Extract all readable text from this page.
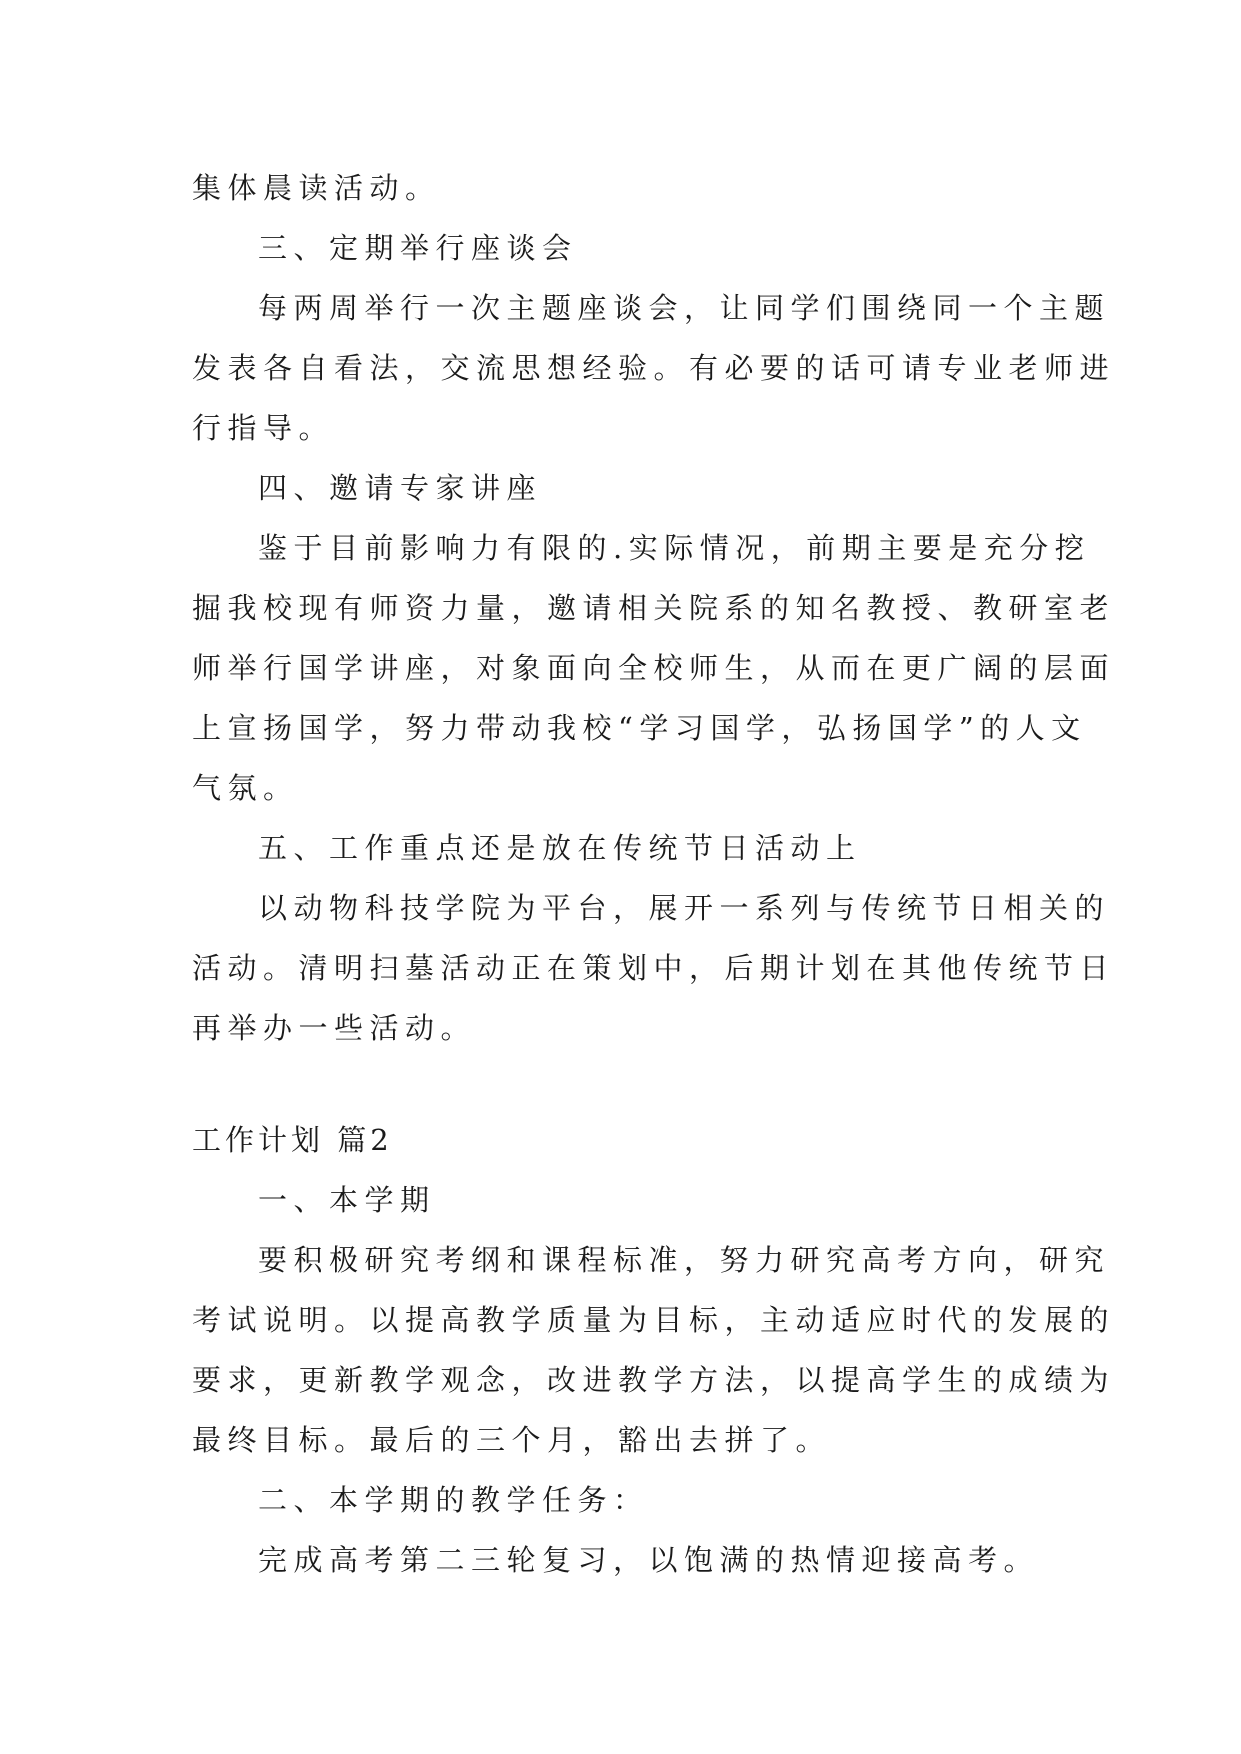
集体晨读活动。
三、定期举行座谈会
每两周举行一次主题座谈会，让同学们围绕同一个主题
发表各自看法，交流思想经验。有必要的话可请专业老师进
行指导。
四、邀请专家讲座
鉴于目前影响力有限的.实际情况，前期主要是充分挖
掘我校现有师资力量，邀请相关院系的知名教授、教研室老
师举行国学讲座，对象面向全校师生，从而在更广阔的层面
上宣扬国学，努力带动我校“学习国学，弘扬国学”的人文
气氛。
五、工作重点还是放在传统节日活动上
以动物科技学院为平台，展开一系列与传统节日相关的
活动。清明扫墓活动正在策划中，后期计划在其他传统节日
再举办一些活动。
工作计划 篇2
一、本学期
要积极研究考纲和课程标准，努力研究高考方向，研究
考试说明。以提高教学质量为目标，主动适应时代的发展的
要求，更新教学观念，改进教学方法，以提高学生的成绩为
最终目标。最后的三个月，豁出去拼了。
二、本学期的教学任务：
完成高考第二三轮复习，以饱满的热情迎接高考。
